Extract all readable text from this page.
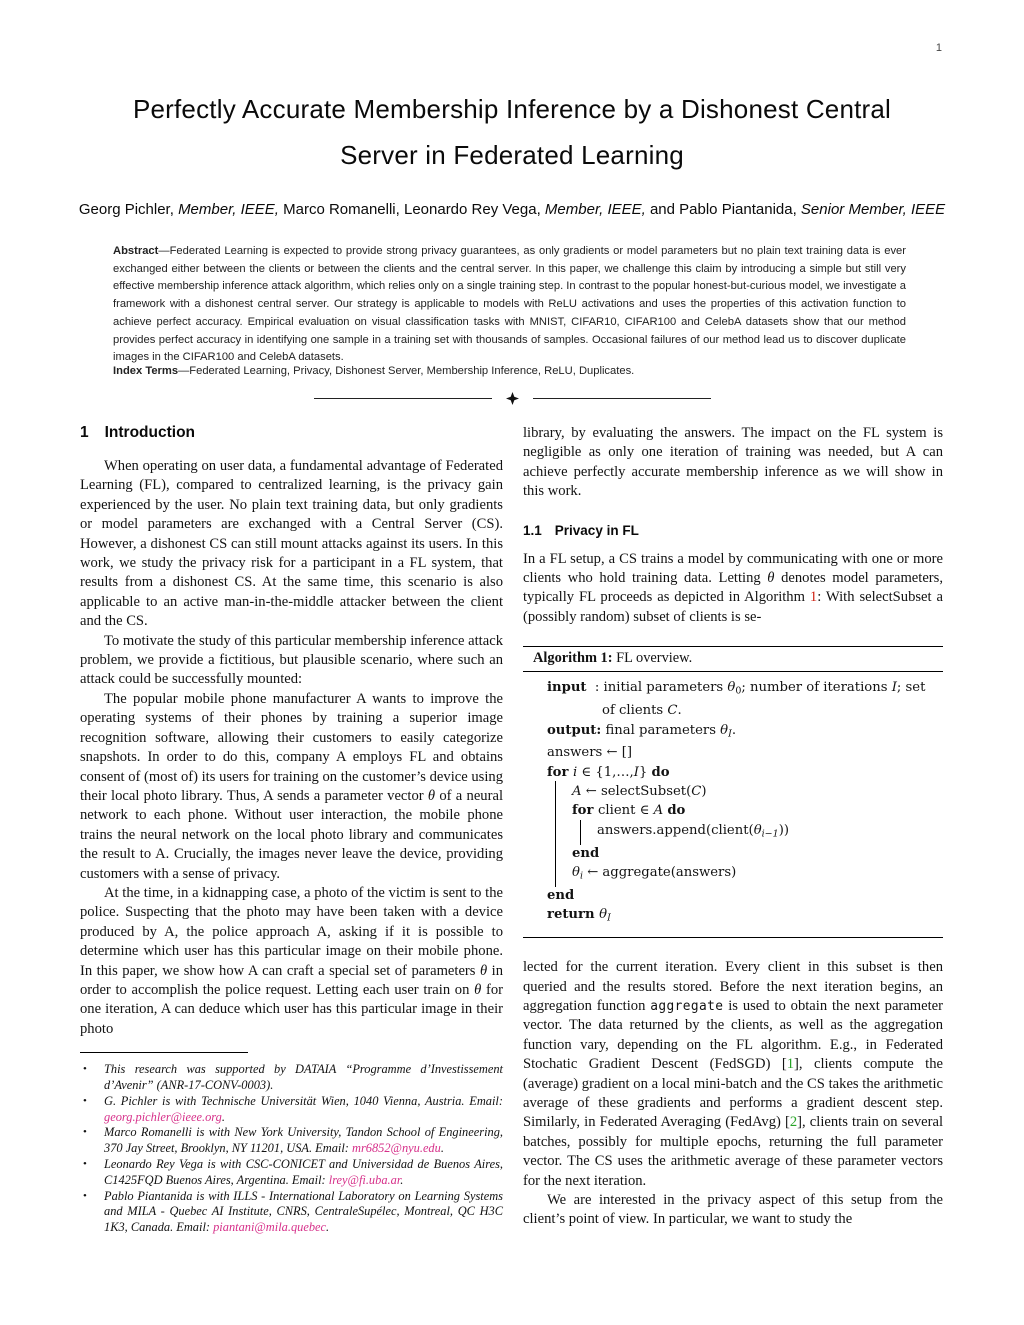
1
Perfectly Accurate Membership Inference by a Dishonest Central Server in Federated Learning
Georg Pichler, Member, IEEE, Marco Romanelli, Leonardo Rey Vega, Member, IEEE, and Pablo Piantanida, Senior Member, IEEE
Abstract—Federated Learning is expected to provide strong privacy guarantees, as only gradients or model parameters but no plain text training data is ever exchanged either between the clients or between the clients and the central server. In this paper, we challenge this claim by introducing a simple but still very effective membership inference attack algorithm, which relies only on a single training step. In contrast to the popular honest-but-curious model, we investigate a framework with a dishonest central server. Our strategy is applicable to models with ReLU activations and uses the properties of this activation function to achieve perfect accuracy. Empirical evaluation on visual classification tasks with MNIST, CIFAR10, CIFAR100 and CelebA datasets show that our method provides perfect accuracy in identifying one sample in a training set with thousands of samples. Occasional failures of our method lead us to discover duplicate images in the CIFAR100 and CelebA datasets.
Index Terms—Federated Learning, Privacy, Dishonest Server, Membership Inference, ReLU, Duplicates.
1 Introduction

When operating on user data, a fundamental advantage of Federated Learning (FL), compared to centralized learning, is the privacy gain experienced by the user. No plain text training data, but only gradients or model parameters are exchanged with a Central Server (CS). However, a dishonest CS can still mount attacks against its users. In this work, we study the privacy risk for a participant in a FL system, that results from a dishonest CS. At the same time, this scenario is also applicable to an active man-in-the-middle attacker between the client and the CS.

To motivate the study of this particular membership inference attack problem, we provide a fictitious, but plausible scenario, where such an attack could be successfully mounted:

The popular mobile phone manufacturer A wants to improve the operating systems of their phones by training a superior image recognition software, allowing their customers to easily categorize snapshots. In order to do this, company A employs FL and obtains consent of (most of) its users for training on the customer’s device using their local photo library. Thus, A sends a parameter vector θ of a neural network to each phone. Without user interaction, the mobile phone trains the neural network on the local photo library and communicates the result to A. Crucially, the images never leave the device, providing customers with a sense of privacy.

At the time, in a kidnapping case, a photo of the victim is sent to the police. Suspecting that the photo may have been taken with a device produced by A, the police approach A, asking if it is possible to determine which user has this particular image on their mobile phone. In this paper, we show how A can craft a special set of parameters θ in order to accomplish the police request. Letting each user train on θ for one iteration, A can deduce which user has this particular image in their photo

•	This research was supported by DATAIA “Programme d’Investissement d’Avenir” (ANR-17-CONV-0003).
•	G. Pichler is with Technische Universität Wien, 1040 Vienna, Austria. Email: georg.pichler@ieee.org.
•	Marco Romanelli is with New York University, Tandon School of Engineering, 370 Jay Street, Brooklyn, NY 11201, USA. Email: mr6852@nyu.edu.
•	Leonardo Rey Vega is with CSC-CONICET and Universidad de Buenos Aires, C1425FQD Buenos Aires, Argentina. Email: lrey@fi.uba.ar.
•	Pablo Piantanida is with ILLS - International Laboratory on Learning Systems and MILA - Quebec AI Institute, CNRS, CentraleSupélec, Montreal, QC H3C 1K3, Canada. Email: piantani@mila.quebec.

library, by evaluating the answers. The impact on the FL system is negligible as only one iteration of training was needed, but A can achieve perfectly accurate membership inference as we will show in this work.

1.1 Privacy in FL

In a FL setup, a CS trains a model by communicating with one or more clients who hold training data. Letting θ denotes model parameters, typically FL proceeds as depicted in Algorithm 1: With selectSubset a (possibly random) subset of clients is se-

Algorithm 1: FL overview.
input  : initial parameters $\theta_0$; number of iterations I; set
of clients C.
output: final parameters $\theta_I$.
answers ← []
for i ∈ {1,…,I} do
A ← selectSubset(C)
for client ∈ A do
$answers.append(client(\theta_{i-1}))$
end
$\theta_i$ ← aggregate(answers)
end
return $\theta_I$

lected for the current iteration. Every client in this subset is then queried and the results stored. Before the next iteration begins, an aggregation function aggregate is used to obtain the next parameter vector. The data returned by the clients, as well as the aggregation function vary, depending on the FL algorithm. E.g., in Federated Stochatic Gradient Descent (FedSGD) [1], clients compute the (average) gradient on a local mini-batch and the CS takes the arithmetic average of these gradients and performs a gradient descent step. Similarly, in Federated Averaging (FedAvg) [2], clients train on several batches, possibly for multiple epochs, returning the full parameter vector. The CS uses the arithmetic average of these parameter vectors for the next iteration.

We are interested in the privacy aspect of this setup from the client’s point of view. In particular, we want to study the
